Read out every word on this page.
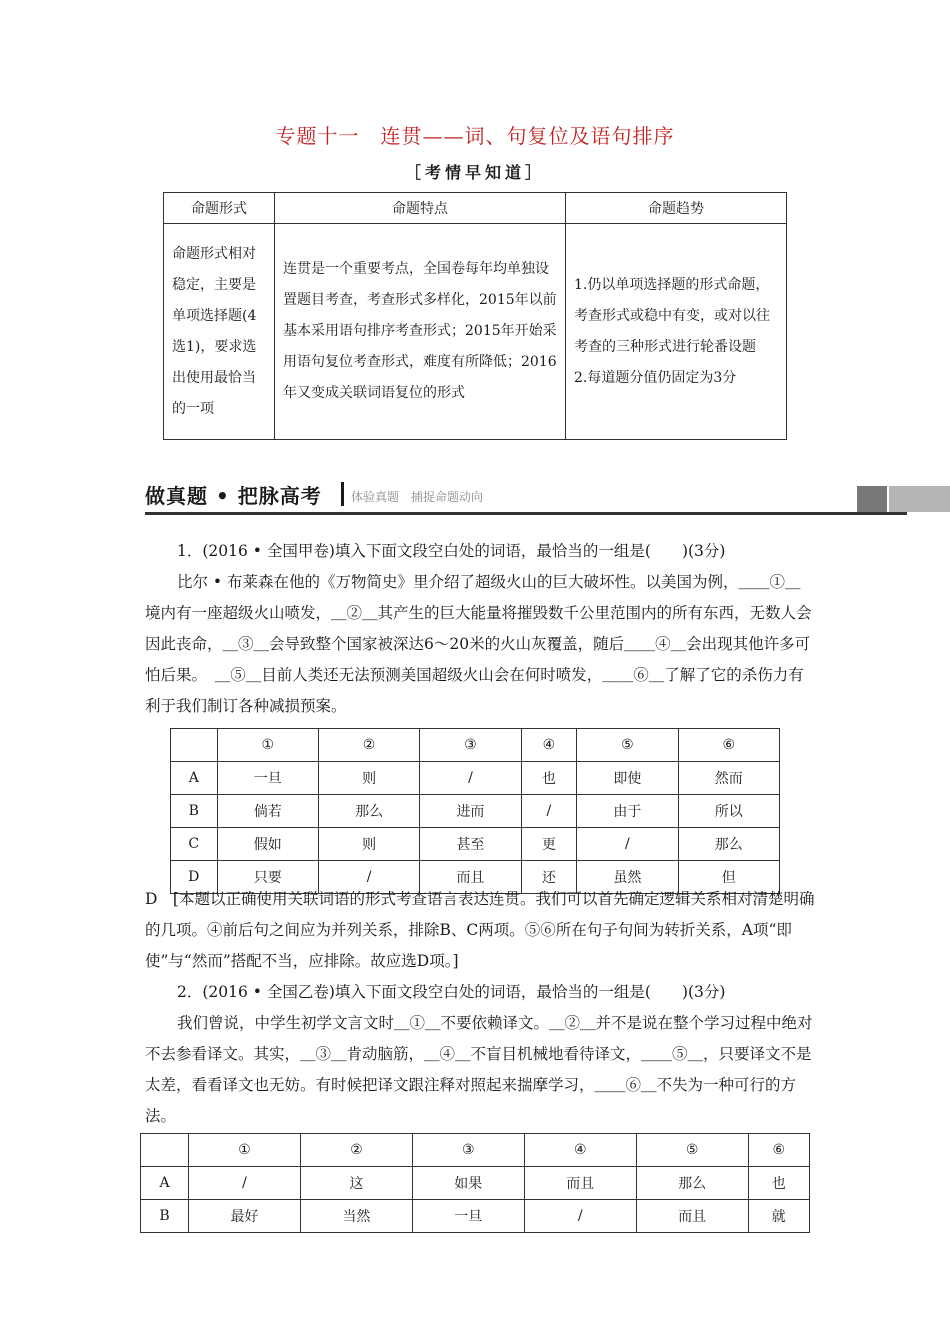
专题十一　连贯——词、句复位及语句排序
［考情早知道］
命题形式	命题特点	命题趋势
命题形式相对稳定，主要是单项选择题(4选1)，要求选出使用最恰当的一项	连贯是一个重要考点，全国卷每年均单独设置题目考查，考查形式多样化，2015年以前基本采用语句排序考查形式；2015年开始采用语句复位考查形式，难度有所降低；2016年又变成关联词语复位的形式	1.仍以单项选择题的形式命题，考查形式或稳中有变，或对以往考查的三种形式进行轮番设题
2.每道题分值仍固定为3分
做真题 • 把脉高考 体验真题　捕捉命题动向
1．(2016 • 全国甲卷)填入下面文段空白处的词语，最恰当的一组是(　　)(3分)
比尔 • 布莱森在他的《万物简史》里介绍了超级火山的巨大破坏性。以美国为例，＿＿①＿境内有一座超级火山喷发，＿②＿其产生的巨大能量将摧毁数千公里范围内的所有东西，无数人会因此丧命，＿③＿会导致整个国家被深达6～20米的火山灰覆盖，随后＿＿④＿会出现其他许多可怕后果。　＿⑤＿目前人类还无法预测美国超级火山会在何时喷发，＿＿⑥＿了解了它的杀伤力有利于我们制订各种减损预案。
	①	②	③	④	⑤	⑥
A	一旦	则	/	也	即使	然而
B	倘若	那么	进而	/	由于	所以
C	假如	则	甚至	更	/	那么
D	只要	/	而且	还	虽然	但
D　[本题以正确使用关联词语的形式考查语言表达连贯。我们可以首先确定逻辑关系相对清楚明确的几项。④前后句之间应为并列关系，排除B、C两项。⑤⑥所在句子句间为转折关系，A项“即使”与“然而”搭配不当，应排除。故应选D项。]
2．(2016 • 全国乙卷)填入下面文段空白处的词语，最恰当的一组是(　　)(3分)
我们曾说，中学生初学文言文时＿①＿不要依赖译文。＿②＿并不是说在整个学习过程中绝对不去参看译文。其实，＿③＿肯动脑筋，＿④＿不盲目机械地看待译文，＿＿⑤＿，只要译文不是太差，看看译文也无妨。有时候把译文跟注释对照起来揣摩学习，＿＿⑥＿不失为一种可行的方法。
	①	②	③	④	⑤	⑥
A	/	这	如果	而且	那么	也
B	最好	当然	一旦	/	而且	就
